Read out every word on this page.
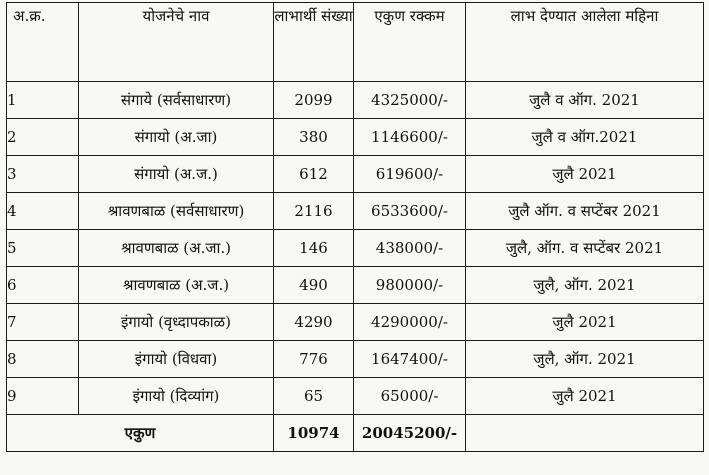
अ.क्र.	योजनेचे नाव	लाभार्थी संख्या	एकुण रक्कम	लाभ देण्यात आलेला महिना
1	संगाये (सर्वसाधारण)	2099	4325000/-	जुलै व ऑग. 2021
2	संगायो (अ.जा)	380	1146600/-	जुलै व ऑग.2021
3	संगायो (अ.ज.)	612	619600/-	जुलै 2021
4	श्रावणबाळ (सर्वसाधारण)	2116	6533600/-	जुलै ऑग. व सप्टेंबर 2021
5	श्रावणबाळ (अ.जा.)	146	438000/-	जुलै, ऑग. व सप्टेंबर 2021
6	श्रावणबाळ (अ.ज.)	490	980000/-	जुलै, ऑग. 2021
7	इंगायो (वृध्दापकाळ)	4290	4290000/-	जुलै 2021
8	इंगायो (विधवा)	776	1647400/-	जुलै, ऑग. 2021
9	इंगायो (दिव्यांग)	65	65000/-	जुलै 2021
एकुण		10974	20045200/-	
